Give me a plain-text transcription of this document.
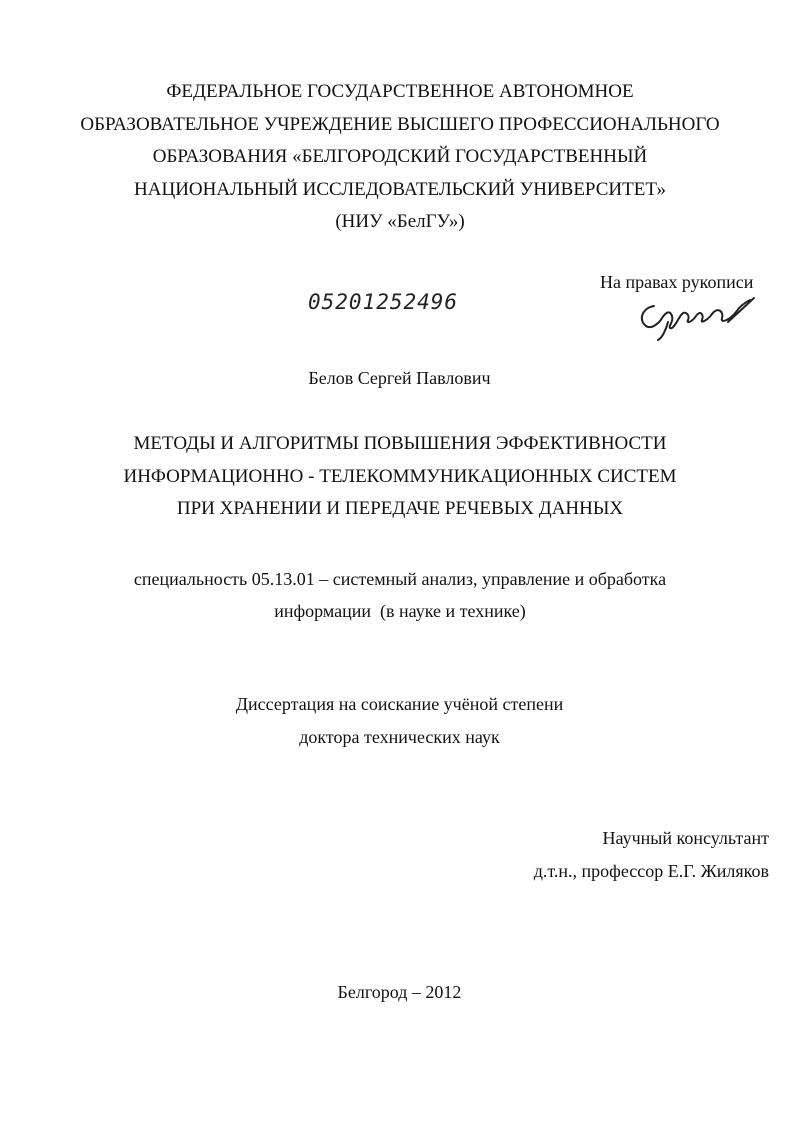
ФЕДЕРАЛЬНОЕ ГОСУДАРСТВЕННОЕ АВТОНОМНОЕ
ОБРАЗОВАТЕЛЬНОЕ УЧРЕЖДЕНИЕ ВЫСШЕГО ПРОФЕССИОНАЛЬНОГО
ОБРАЗОВАНИЯ «БЕЛГОРОДСКИЙ ГОСУДАРСТВЕННЫЙ
НАЦИОНАЛЬНЫЙ ИССЛЕДОВАТЕЛЬСКИЙ УНИВЕРСИТЕТ»
(НИУ «БелГУ»)
05201252496
На правах рукописи
Белов Сергей Павлович
МЕТОДЫ И АЛГОРИТМЫ ПОВЫШЕНИЯ ЭФФЕКТИВНОСТИ
ИНФОРМАЦИОННО - ТЕЛЕКОММУНИКАЦИОННЫХ СИСТЕМ
ПРИ ХРАНЕНИИ И ПЕРЕДАЧЕ РЕЧЕВЫХ ДАННЫХ
специальность 05.13.01 – системный анализ, управление и обработка
информации  (в науке и технике)
Диссертация на соискание учёной степени
доктора технических наук
Научный консультант
д.т.н., профессор Е.Г. Жиляков
Белгород – 2012
